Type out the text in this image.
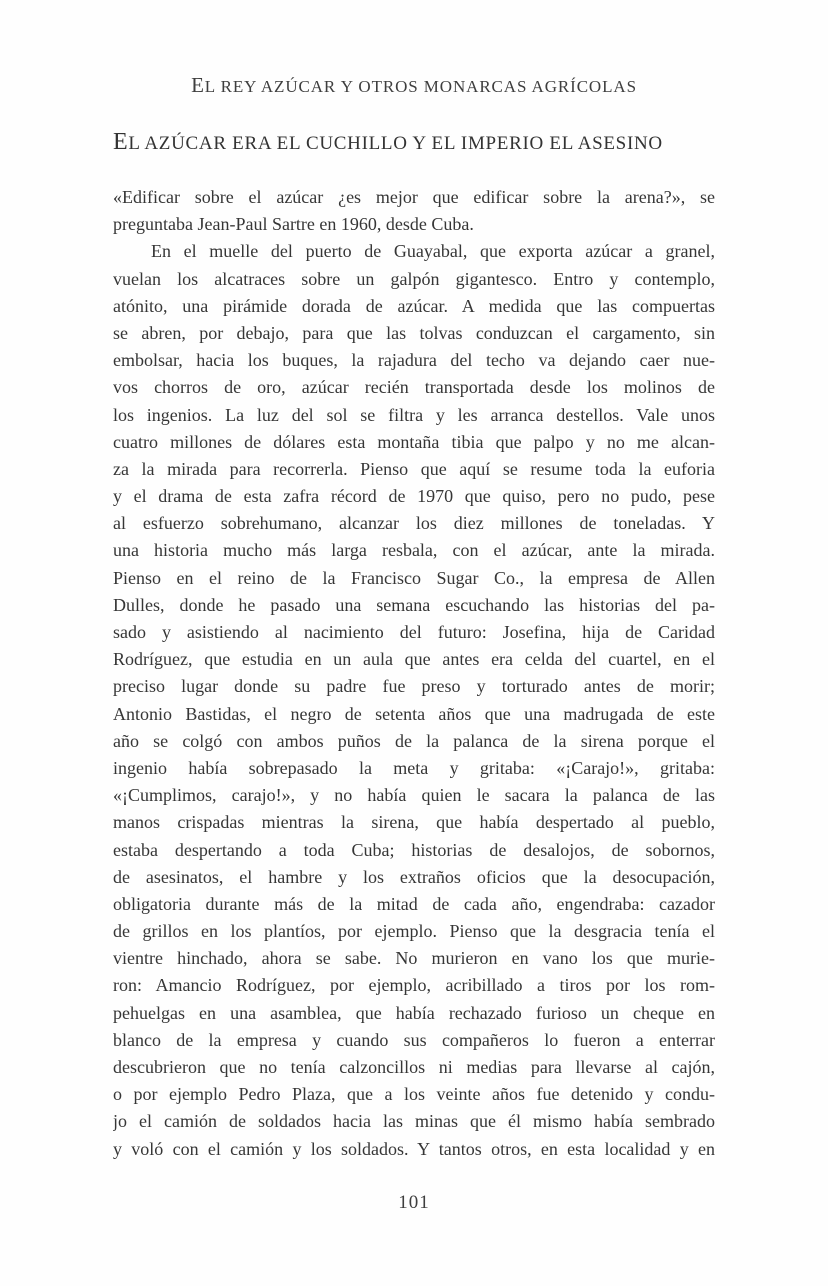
EL REY AZÚCAR Y OTROS MONARCAS AGRÍCOLAS
EL AZÚCAR ERA EL CUCHILLO Y EL IMPERIO EL ASESINO
«Edificar sobre el azúcar ¿es mejor que edificar sobre la arena?», se
preguntaba Jean-Paul Sartre en 1960, desde Cuba.
En el muelle del puerto de Guayabal, que exporta azúcar a granel,
vuelan los alcatraces sobre un galpón gigantesco. Entro y contemplo,
atónito, una pirámide dorada de azúcar. A medida que las compuertas
se abren, por debajo, para que las tolvas conduzcan el cargamento, sin
embolsar, hacia los buques, la rajadura del techo va dejando caer nue-
vos chorros de oro, azúcar recién transportada desde los molinos de
los ingenios. La luz del sol se filtra y les arranca destellos. Vale unos
cuatro millones de dólares esta montaña tibia que palpo y no me alcan-
za la mirada para recorrerla. Pienso que aquí se resume toda la euforia
y el drama de esta zafra récord de 1970 que quiso, pero no pudo, pese
al esfuerzo sobrehumano, alcanzar los diez millones de toneladas. Y
una historia mucho más larga resbala, con el azúcar, ante la mirada.
Pienso en el reino de la Francisco Sugar Co., la empresa de Allen
Dulles, donde he pasado una semana escuchando las historias del pa-
sado y asistiendo al nacimiento del futuro: Josefina, hija de Caridad
Rodríguez, que estudia en un aula que antes era celda del cuartel, en el
preciso lugar donde su padre fue preso y torturado antes de morir;
Antonio Bastidas, el negro de setenta años que una madrugada de este
año se colgó con ambos puños de la palanca de la sirena porque el
ingenio había sobrepasado la meta y gritaba: «¡Carajo!», gritaba:
«¡Cumplimos, carajo!», y no había quien le sacara la palanca de las
manos crispadas mientras la sirena, que había despertado al pueblo,
estaba despertando a toda Cuba; historias de desalojos, de sobornos,
de asesinatos, el hambre y los extraños oficios que la desocupación,
obligatoria durante más de la mitad de cada año, engendraba: cazador
de grillos en los plantíos, por ejemplo. Pienso que la desgracia tenía el
vientre hinchado, ahora se sabe. No murieron en vano los que murie-
ron: Amancio Rodríguez, por ejemplo, acribillado a tiros por los rom-
pehuelgas en una asamblea, que había rechazado furioso un cheque en
blanco de la empresa y cuando sus compañeros lo fueron a enterrar
descubrieron que no tenía calzoncillos ni medias para llevarse al cajón,
o por ejemplo Pedro Plaza, que a los veinte años fue detenido y condu-
jo el camión de soldados hacia las minas que él mismo había sembrado
y voló con el camión y los soldados. Y tantos otros, en esta localidad y en
101
